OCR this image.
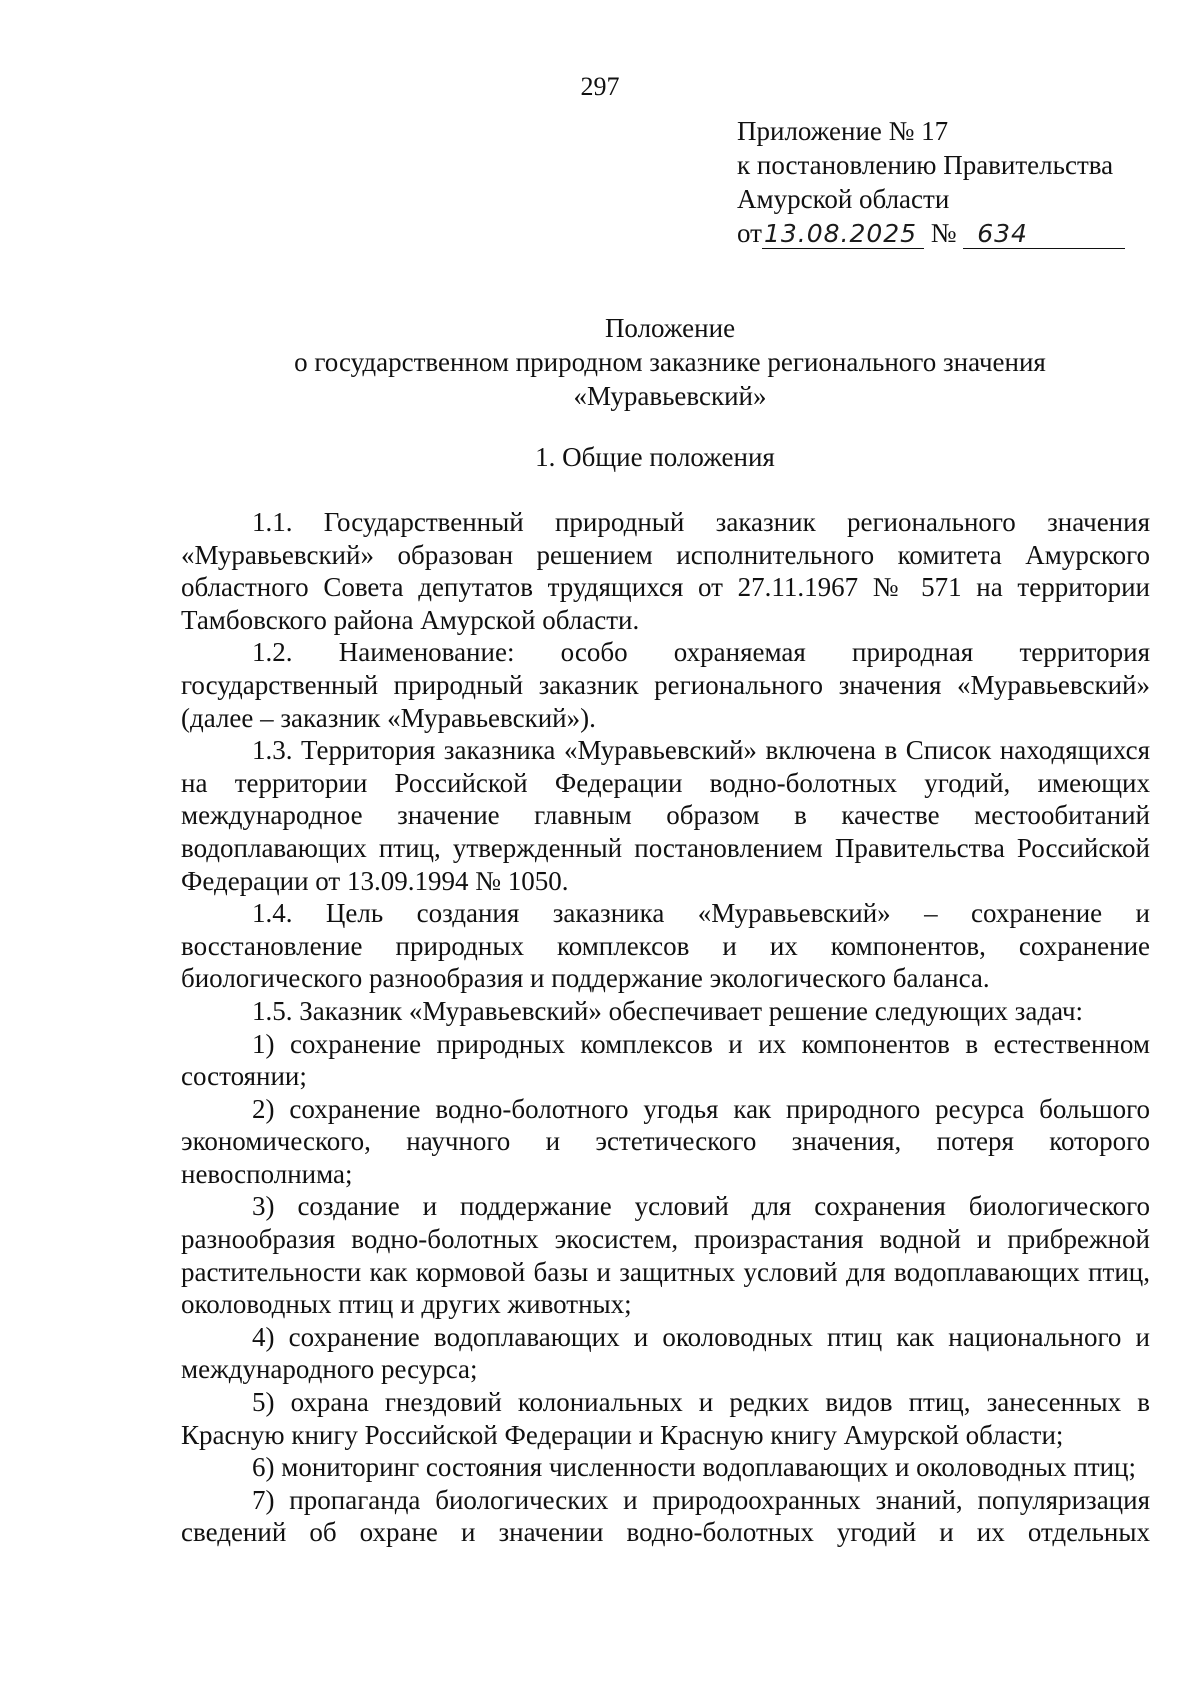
297
Приложение № 17
к постановлению Правительства
Амурской области
от13.08.2025 № 634
Положение
о государственном природном заказнике регионального значения
«Муравьевский»
1. Общие положения

1.1. Государственный природный заказник регионального значения «Муравьевский» образован решением исполнительного комитета Амурского областного Совета депутатов трудящихся от 27.11.1967 № 571 на территории Тамбовского района Амурской области.

1.2. Наименование: особо охраняемая природная территория государственный природный заказник регионального значения «Муравьевский» (далее – заказник «Муравьевский»).

1.3. Территория заказника «Муравьевский» включена в Список находящихся на территории Российской Федерации водно-болотных угодий, имеющих международное значение главным образом в качестве местообитаний водоплавающих птиц, утвержденный постановлением Правительства Российской Федерации от 13.09.1994 № 1050.

1.4. Цель создания заказника «Муравьевский» – сохранение и восстановление природных комплексов и их компонентов, сохранение биологического разнообразия и поддержание экологического баланса.

1.5. Заказник «Муравьевский» обеспечивает решение следующих задач:

1) сохранение природных комплексов и их компонентов в естественном состоянии;

2) сохранение водно-болотного угодья как природного ресурса большого экономического, научного и эстетического значения, потеря которого невосполнима;

3) создание и поддержание условий для сохранения биологического разнообразия водно-болотных экосистем, произрастания водной и прибрежной растительности как кормовой базы и защитных условий для водоплавающих птиц, околоводных птиц и других животных;

4) сохранение водоплавающих и околоводных птиц как национального и международного ресурса;

5) охрана гнездовий колониальных и редких видов птиц, занесенных в Красную книгу Российской Федерации и Красную книгу Амурской области;

6) мониторинг состояния численности водоплавающих и околоводных птиц;

7) пропаганда биологических и природоохранных знаний, популяризация сведений об охране и значении водно-болотных угодий и их отдельных
